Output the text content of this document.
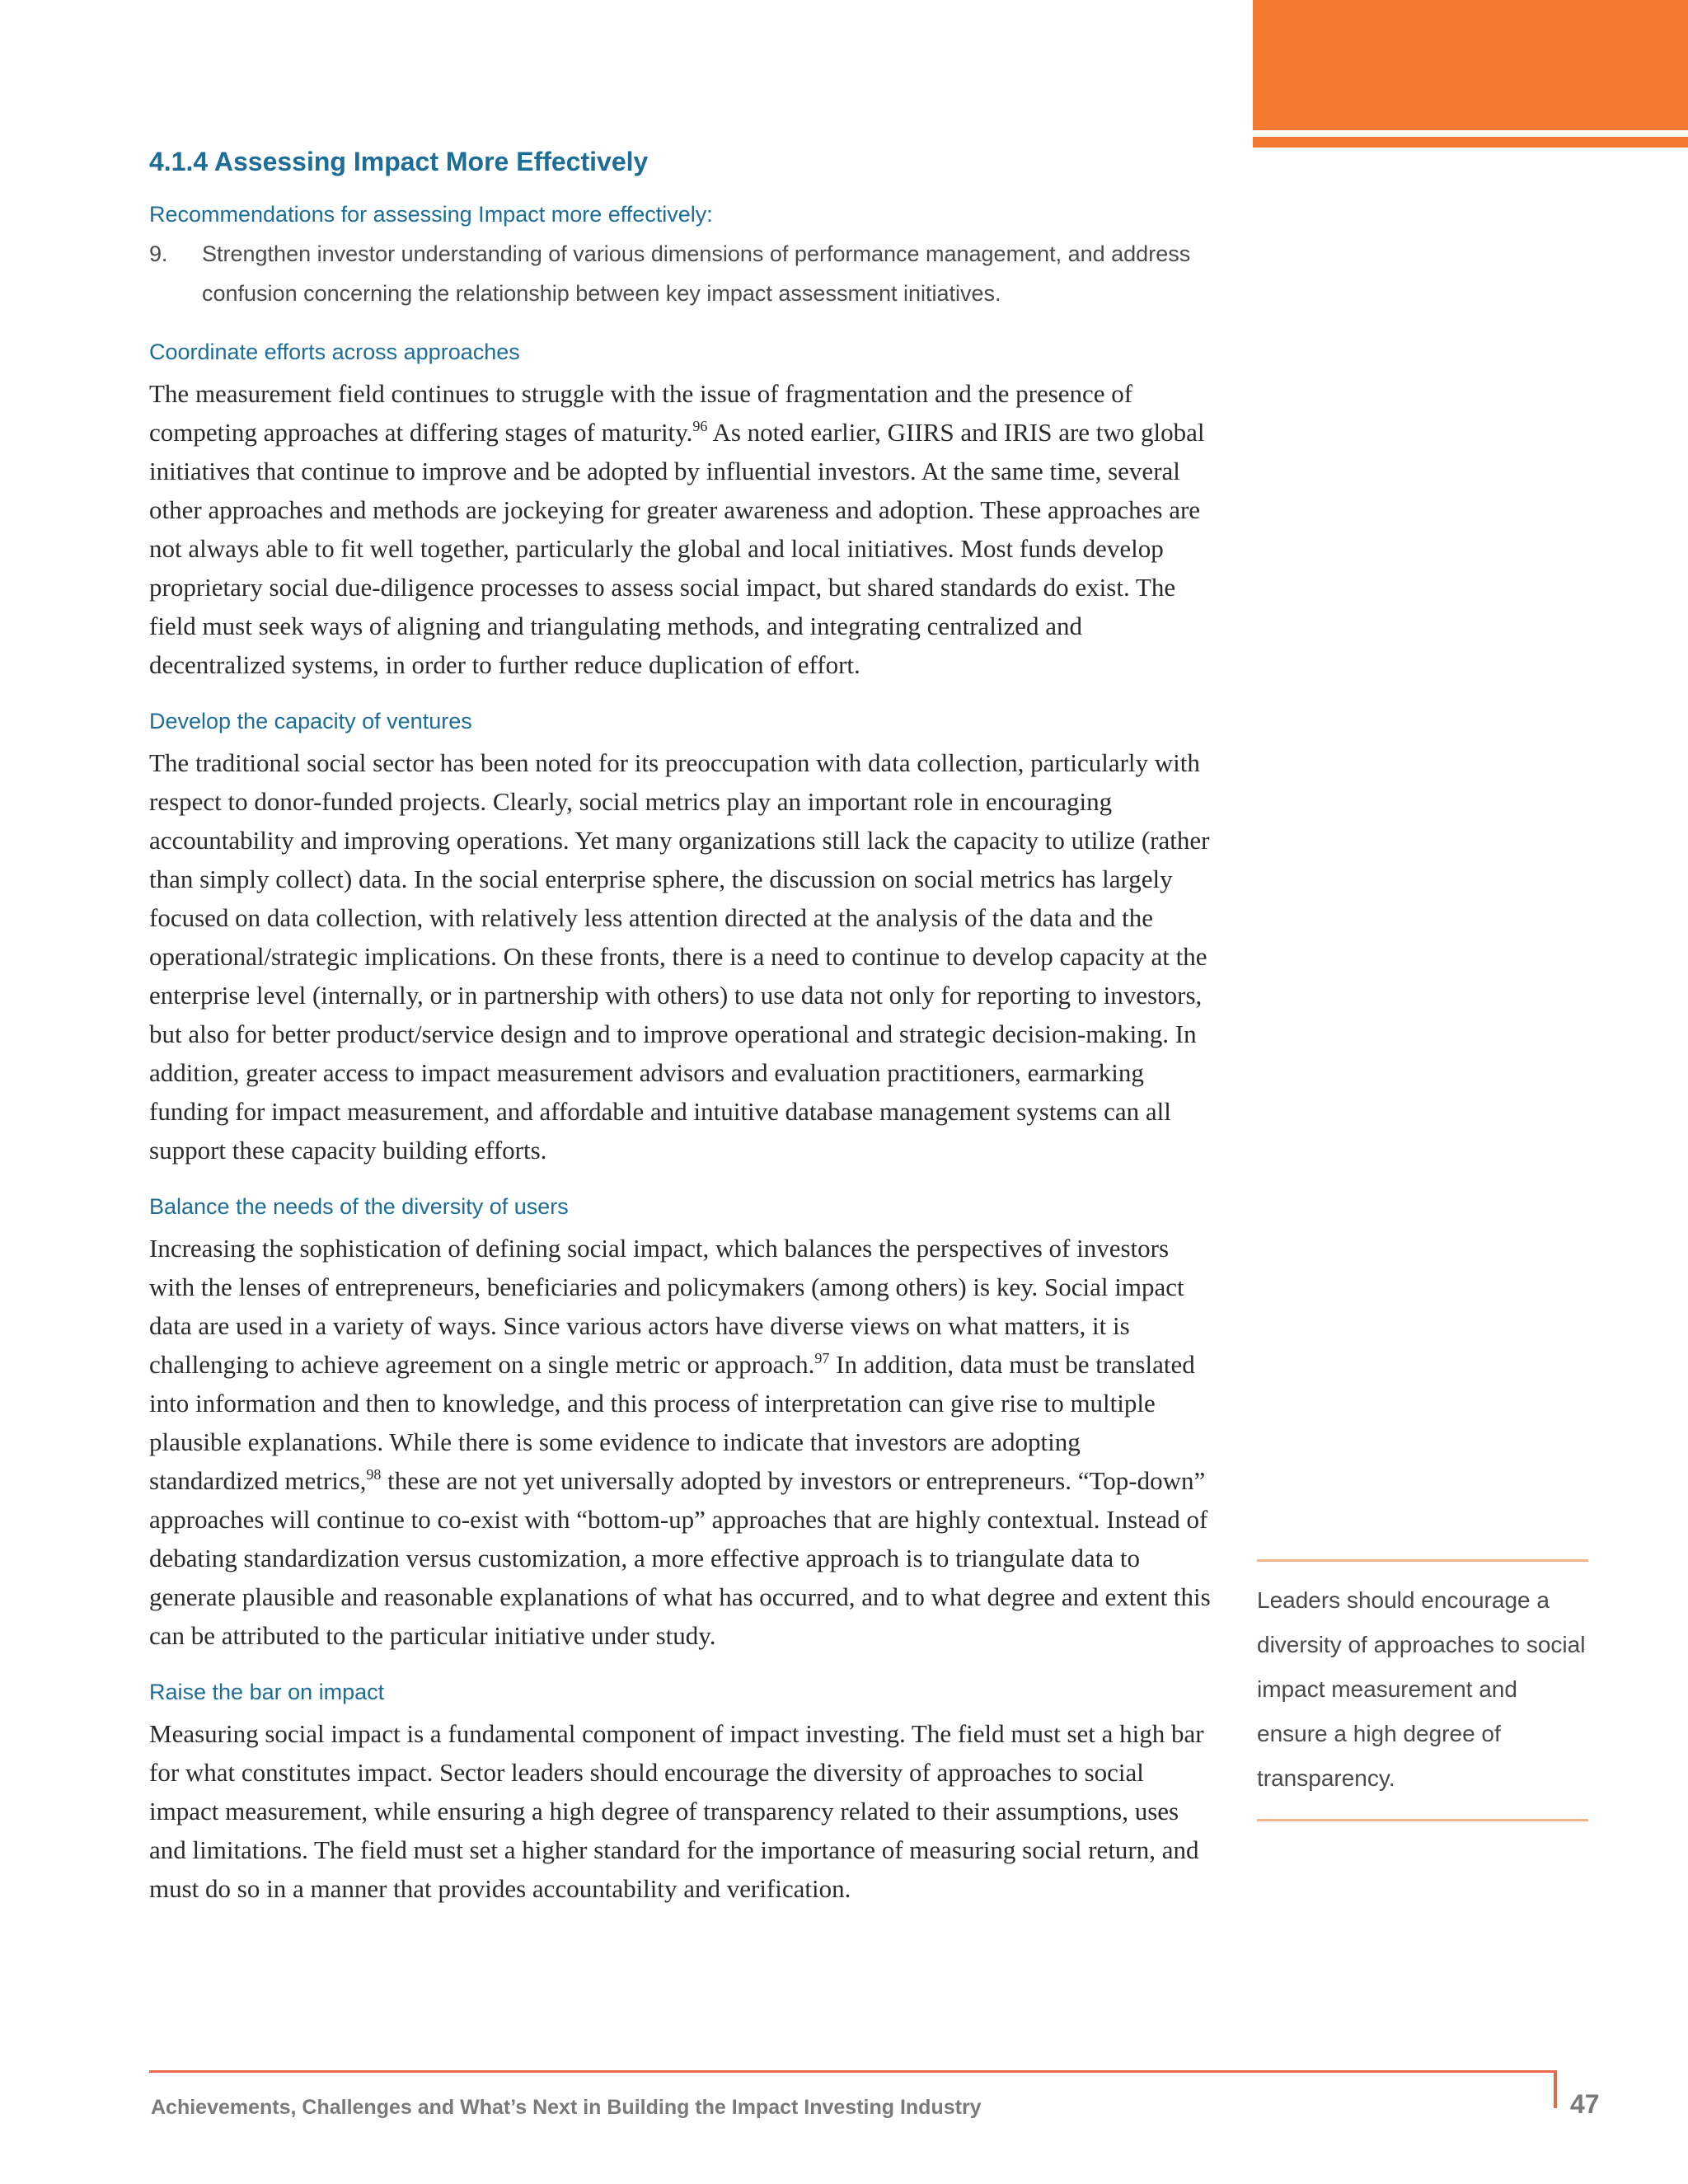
4.1.4 Assessing Impact More Effectively
Recommendations for assessing Impact more effectively:
9.	Strengthen investor understanding of various dimensions of performance management, and address confusion concerning the relationship between key impact assessment initiatives.
Coordinate efforts across approaches

The measurement field continues to struggle with the issue of fragmentation and the presence of competing approaches at differing stages of maturity.$^{96}$ As noted earlier, GIIRS and IRIS are two global initiatives that continue to improve and be adopted by influential investors. At the same time, several other approaches and methods are jockeying for greater awareness and adoption. These approaches are not always able to fit well together, particularly the global and local initiatives. Most funds develop proprietary social due-diligence processes to assess social impact, but shared standards do exist. The field must seek ways of aligning and triangulating methods, and integrating centralized and decentralized systems, in order to further reduce duplication of effort.

Develop the capacity of ventures

The traditional social sector has been noted for its preoccupation with data collection, particularly with respect to donor-funded projects. Clearly, social metrics play an important role in encouraging accountability and improving operations. Yet many organizations still lack the capacity to utilize (rather than simply collect) data. In the social enterprise sphere, the discussion on social metrics has largely focused on data collection, with relatively less attention directed at the analysis of the data and the operational/strategic implications. On these fronts, there is a need to continue to develop capacity at the enterprise level (internally, or in partnership with others) to use data not only for reporting to investors, but also for better product/service design and to improve operational and strategic decision-making. In addition, greater access to impact measurement advisors and evaluation practitioners, earmarking funding for impact measurement, and affordable and intuitive database management systems can all support these capacity building efforts.

Balance the needs of the diversity of users

Increasing the sophistication of defining social impact, which balances the perspectives of investors with the lenses of entrepreneurs, beneficiaries and policymakers (among others) is key. Social impact data are used in a variety of ways. Since various actors have diverse views on what matters, it is challenging to achieve agreement on a single metric or approach.$^{97}$ In addition, data must be translated into information and then to knowledge, and this process of interpretation can give rise to multiple plausible explanations. While there is some evidence to indicate that investors are adopting standardized metrics,$^{98}$ these are not yet universally adopted by investors or entrepreneurs. “Top-down” approaches will continue to co-exist with “bottom-up” approaches that are highly contextual. Instead of debating standardization versus customization, a more effective approach is to triangulate data to generate plausible and reasonable explanations of what has occurred, and to what degree and extent this can be attributed to the particular initiative under study.

Raise the bar on impact

Measuring social impact is a fundamental component of impact investing. The field must set a high bar for what constitutes impact. Sector leaders should encourage the diversity of approaches to social impact measurement, while ensuring a high degree of transparency related to their assumptions, uses and limitations. The field must set a higher standard for the importance of measuring social return, and must do so in a manner that provides accountability and verification.

Leaders should encourage a diversity of approaches to social impact measurement and ensure a high degree of transparency.
Achievements, Challenges and What’s Next in Building the Impact Investing Industry	47
